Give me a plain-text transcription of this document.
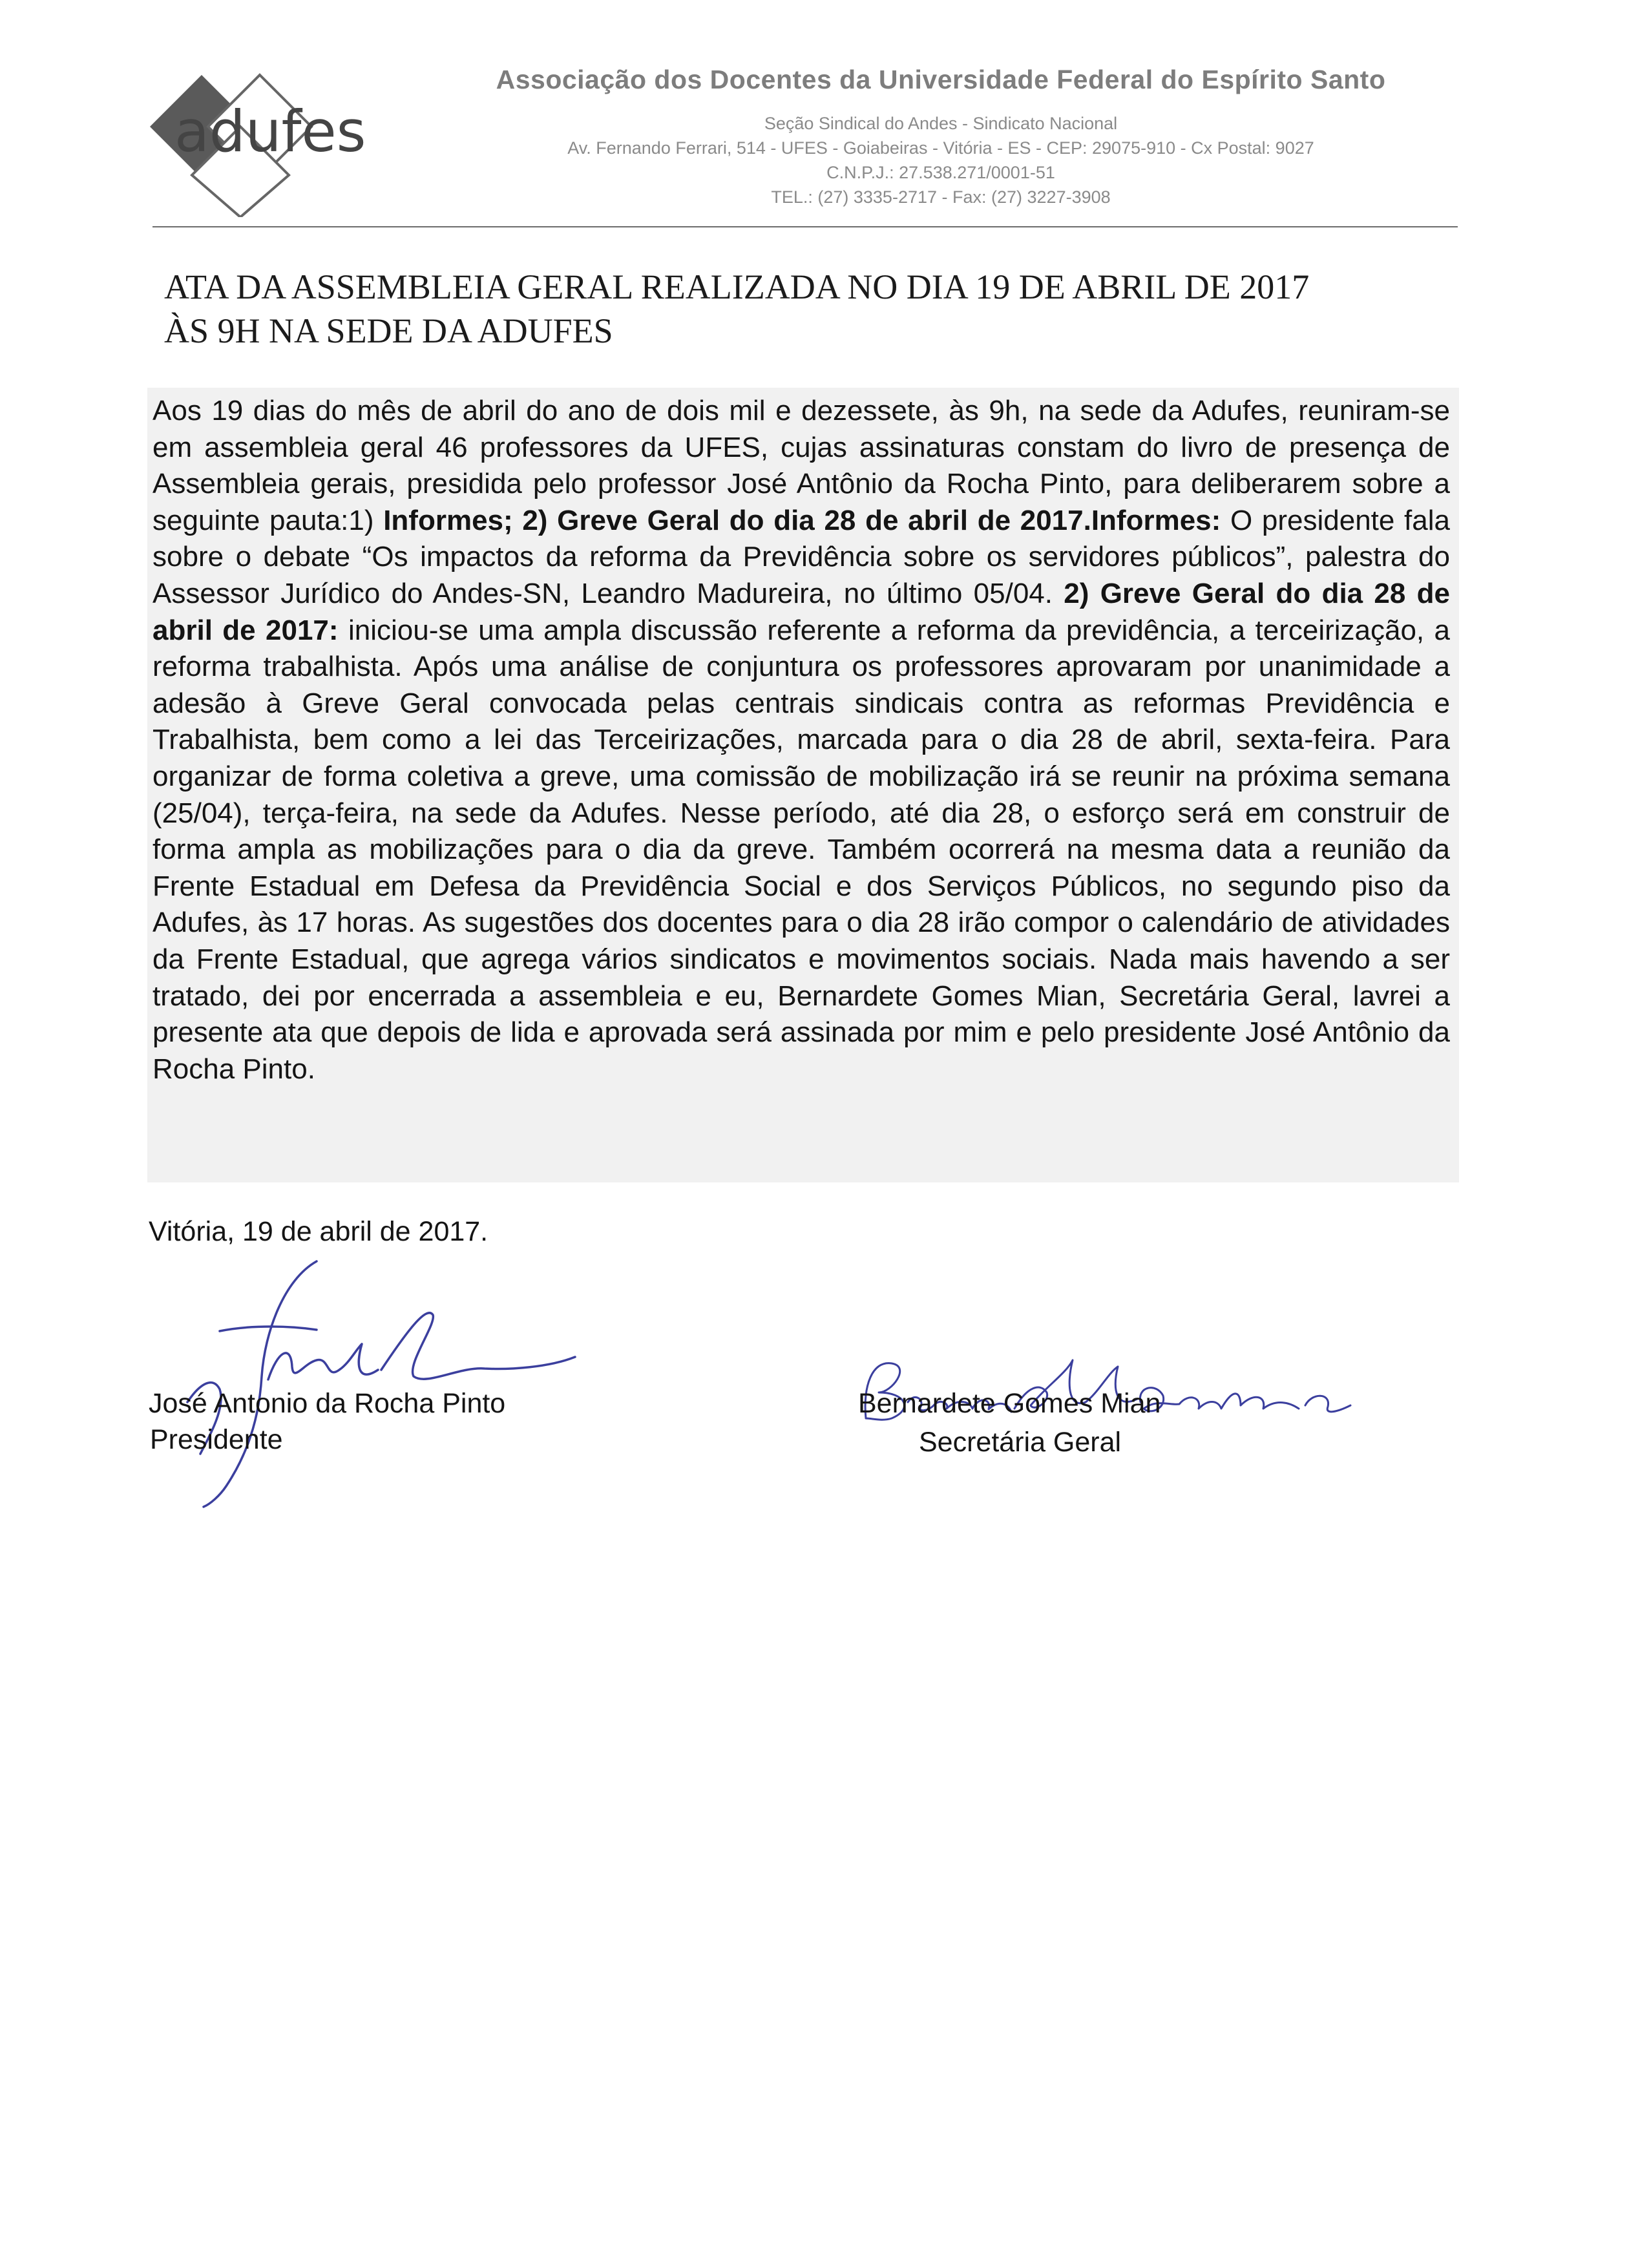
adufes
Associação dos Docentes da Universidade Federal do Espírito Santo
Seção Sindical do Andes - Sindicato Nacional
Av. Fernando Ferrari, 514 - UFES - Goiabeiras - Vitória - ES - CEP: 29075-910 - Cx Postal: 9027
C.N.P.J.: 27.538.271/0001-51
TEL.: (27) 3335-2717 - Fax: (27) 3227-3908
ATA DA ASSEMBLEIA GERAL REALIZADA NO DIA 19 DE ABRIL DE 2017
ÀS 9H NA SEDE DA ADUFES
Aos 19 dias do mês de abril do ano de dois mil e dezessete, às 9h, na sede da Adufes, reuniram-se em assembleia geral 46 professores da UFES, cujas assinaturas constam do livro de presença de Assembleia gerais, presidida pelo professor José Antônio da Rocha Pinto, para deliberarem sobre a seguinte pauta:1) Informes; 2) Greve Geral do dia 28 de abril de 2017.Informes: O presidente fala sobre o debate “Os impactos da reforma da Previdência sobre os servidores públicos”, palestra do Assessor Jurídico do Andes-SN, Leandro Madureira, no último 05/04. 2) Greve Geral do dia 28 de abril de 2017: iniciou-se uma ampla discussão referente a reforma da previdência, a terceirização, a reforma trabalhista. Após uma análise de conjuntura os professores aprovaram por unanimidade a adesão à Greve Geral convocada pelas centrais sindicais contra as reformas Previdência e Trabalhista, bem como a lei das Terceirizações, marcada para o dia 28 de abril, sexta-feira. Para organizar de forma coletiva a greve, uma comissão de mobilização irá se reunir na próxima semana (25/04), terça-feira, na sede da Adufes. Nesse período, até dia 28, o esforço será em construir de forma ampla as mobilizações para o dia da greve. Também ocorrerá na mesma data a reunião da Frente Estadual em Defesa da Previdência Social e dos Serviços Públicos, no segundo piso da Adufes, às 17 horas. As sugestões dos docentes para o dia 28 irão compor o calendário de atividades da Frente Estadual, que agrega vários sindicatos e movimentos sociais. Nada mais havendo a ser tratado, dei por encerrada a assembleia e eu, Bernardete Gomes Mian, Secretária Geral, lavrei a presente ata que depois de lida e aprovada será assinada por mim e pelo presidente José Antônio da Rocha Pinto.
Vitória, 19 de abril de 2017.
José Antonio da Rocha Pinto
Presidente
Bernardete Gomes Mian
Secretária Geral
